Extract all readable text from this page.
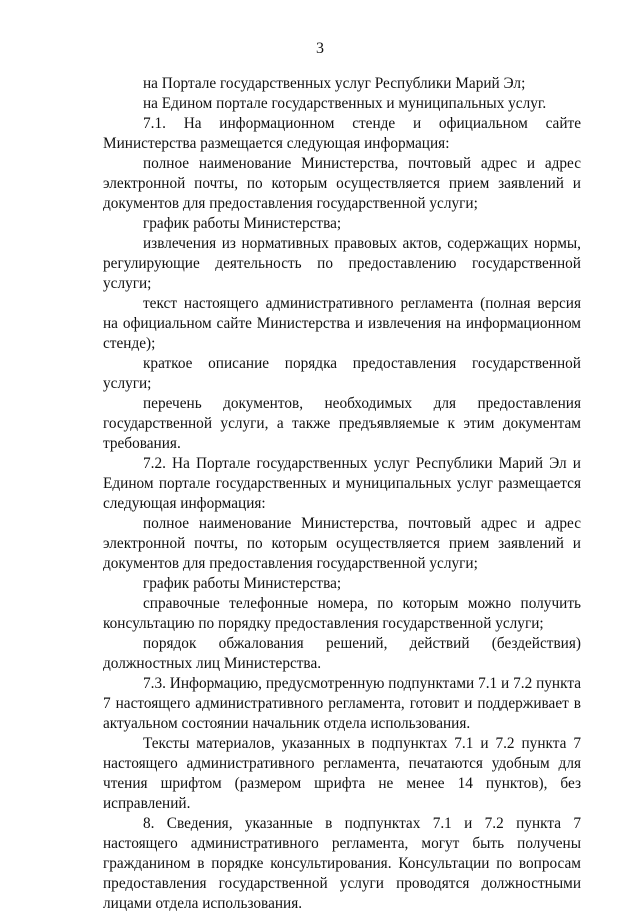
3

на Портале государственных услуг Республики Марий Эл;

на Едином портале государственных и муниципальных услуг.

7.1. На информационном стенде и официальном сайте
Министерства размещается следующая информация:

полное наименование Министерства, почтовый адрес и адрес
электронной почты, по которым осуществляется прием заявлений и
документов для предоставления государственной услуги;

график работы Министерства;

извлечения из нормативных правовых актов, содержащих нормы,
регулирующие деятельность по предоставлению государственной
услуги;

текст настоящего административного регламента (полная версия
на официальном сайте Министерства и извлечения на информационном
стенде);

краткое описание порядка предоставления государственной
услуги;

перечень документов, необходимых для предоставления
государственной услуги, а также предъявляемые к этим документам
требования.

7.2. На Портале государственных услуг Республики Марий Эл и
Едином портале государственных и муниципальных услуг размещается
следующая информация:

полное наименование Министерства, почтовый адрес и адрес
электронной почты, по которым осуществляется прием заявлений и
документов для предоставления государственной услуги;

график работы Министерства;

справочные телефонные номера, по которым можно получить
консультацию по порядку предоставления государственной услуги;

порядок обжалования решений, действий (бездействия)
должностных лиц Министерства.

7.3. Информацию, предусмотренную подпунктами 7.1 и 7.2 пункта
7 настоящего административного регламента, готовит и поддерживает в
актуальном состоянии начальник отдела использования.

Тексты материалов, указанных в подпунктах 7.1 и 7.2 пункта 7
настоящего административного регламента, печатаются удобным для
чтения шрифтом (размером шрифта не менее 14 пунктов), без
исправлений.

8. Сведения, указанные в подпунктах 7.1 и 7.2 пункта 7
настоящего административного регламента, могут быть получены
гражданином в порядке консультирования. Консультации по вопросам
предоставления государственной услуги проводятся должностными
лицами отдела использования.
